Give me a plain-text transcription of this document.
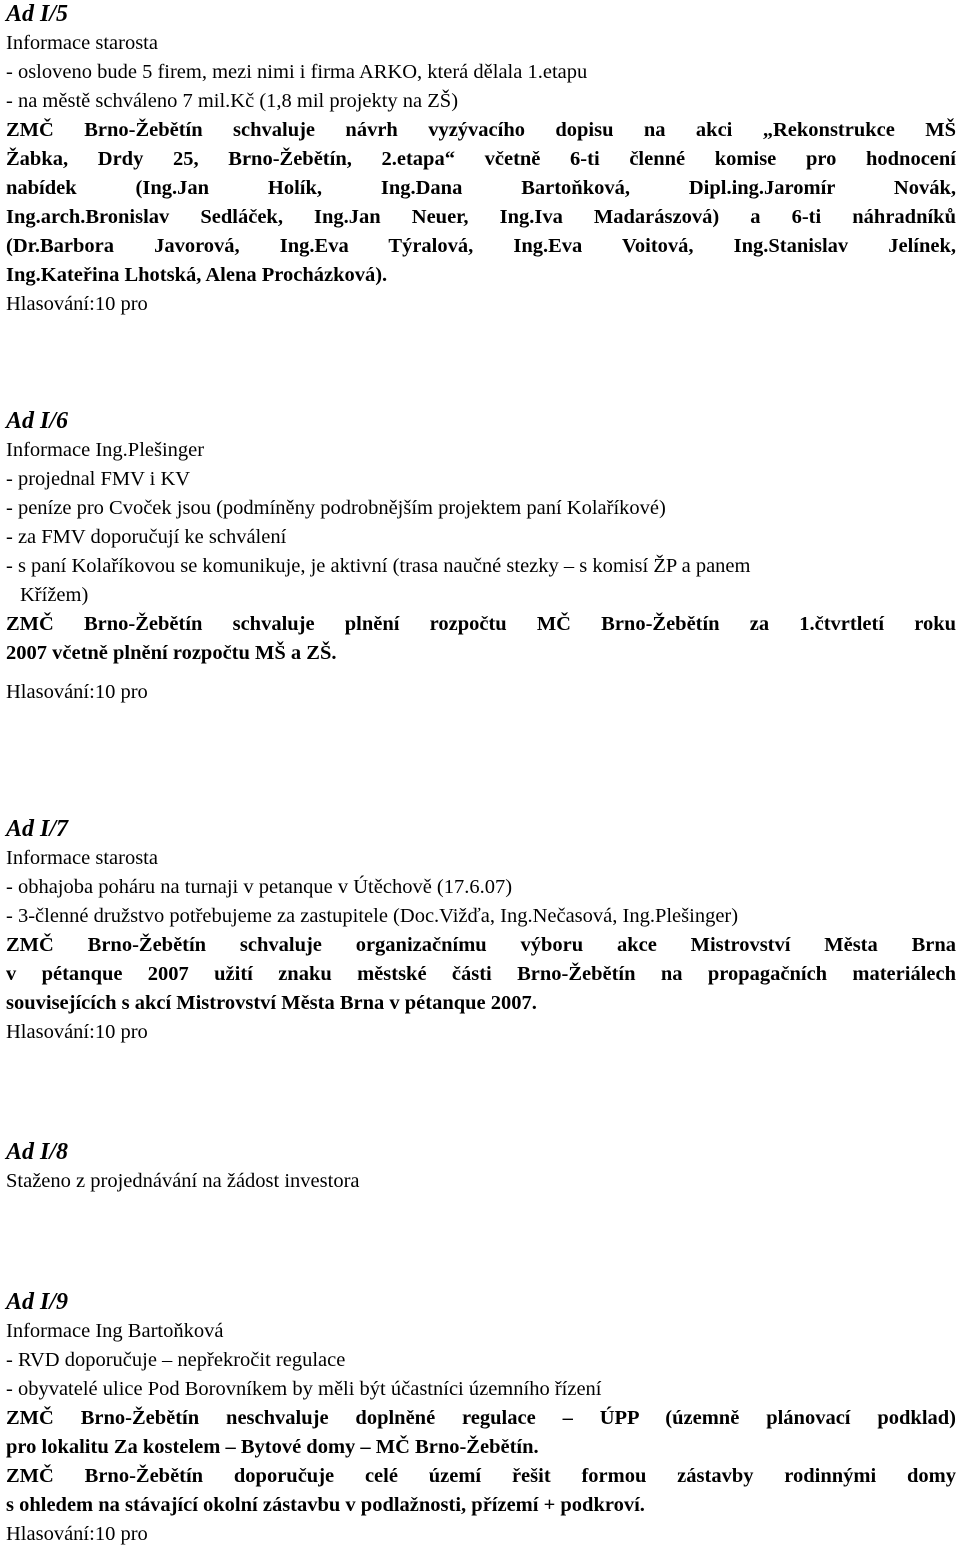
Ad I/5
Informace starosta
- osloveno bude 5 firem, mezi nimi i firma ARKO, která dělala 1.etapu
- na městě schváleno 7 mil.Kč (1,8 mil projekty na ZŠ)
ZMČ Brno-Žebětín schvaluje návrh vyzývacího dopisu na akci „Rekonstrukce MŠ
Žabka, Drdy 25, Brno-Žebětín, 2.etapa“ včetně 6-ti členné komise pro hodnocení
nabídek (Ing.Jan Holík, Ing.Dana Bartoňková, Dipl.ing.Jaromír Novák,
Ing.arch.Bronislav Sedláček, Ing.Jan Neuer, Ing.Iva Madarászová) a 6-ti náhradníků
(Dr.Barbora Javorová, Ing.Eva Týralová, Ing.Eva Voitová, Ing.Stanislav Jelínek,
Ing.Kateřina Lhotská, Alena Procházková).
Hlasování:10 pro
Ad I/6
Informace Ing.Plešinger
- projednal FMV i KV
- peníze pro Cvoček jsou (podmíněny podrobnějším projektem paní Kolaříkové)
- za FMV doporučují ke schválení
- s paní Kolaříkovou se komunikuje, je aktivní (trasa naučné stezky – s komisí ŽP a panem
Křížem)
ZMČ Brno-Žebětín schvaluje plnění rozpočtu MČ Brno-Žebětín za 1.čtvrtletí roku
2007 včetně plnění rozpočtu MŠ a ZŠ.
Hlasování:10 pro
Ad I/7
Informace starosta
- obhajoba poháru na turnaji v petanque v Útěchově (17.6.07)
- 3-členné družstvo potřebujeme za zastupitele (Doc.Vižďa, Ing.Nečasová, Ing.Plešinger)
ZMČ Brno-Žebětín schvaluje organizačnímu výboru akce Mistrovství Města Brna
v pétanque 2007 užití znaku městské části Brno-Žebětín na propagačních materiálech
souvisejících s akcí Mistrovství Města Brna v pétanque 2007.
Hlasování:10 pro
Ad I/8
Staženo z projednávání na žádost investora
Ad I/9
Informace Ing Bartoňková
- RVD doporučuje – nepřekročit regulace
- obyvatelé ulice Pod Borovníkem by měli být účastníci územního řízení
ZMČ Brno-Žebětín neschvaluje doplněné regulace – ÚPP (územně plánovací podklad)
pro lokalitu Za kostelem – Bytové domy – MČ Brno-Žebětín.
ZMČ Brno-Žebětín doporučuje celé území řešit formou zástavby rodinnými domy
s ohledem na stávající okolní zástavbu v podlažnosti, přízemí + podkroví.
Hlasování:10 pro
